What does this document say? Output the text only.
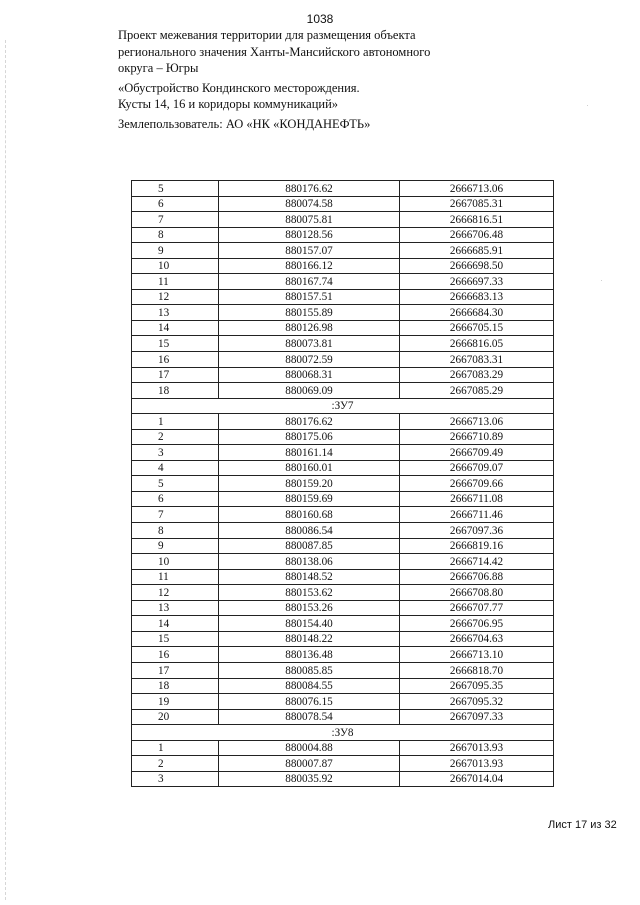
·
·
1038
Проект межевания территории для размещения объекта
регионального значения Ханты-Мансийского автономного
округа – Югры
«Обустройство Кондинского месторождения.
Кусты 14, 16 и коридоры коммуникаций»
Землепользователь: АО «НК «КОНДАНЕФТЬ»
5	880176.62	2666713.06
6	880074.58	2667085.31
7	880075.81	2666816.51
8	880128.56	2666706.48
9	880157.07	2666685.91
10	880166.12	2666698.50
11	880167.74	2666697.33
12	880157.51	2666683.13
13	880155.89	2666684.30
14	880126.98	2666705.15
15	880073.81	2666816.05
16	880072.59	2667083.31
17	880068.31	2667083.29
18	880069.09	2667085.29
:ЗУ7		
1	880176.62	2666713.06
2	880175.06	2666710.89
3	880161.14	2666709.49
4	880160.01	2666709.07
5	880159.20	2666709.66
6	880159.69	2666711.08
7	880160.68	2666711.46
8	880086.54	2667097.36
9	880087.85	2666819.16
10	880138.06	2666714.42
11	880148.52	2666706.88
12	880153.62	2666708.80
13	880153.26	2666707.77
14	880154.40	2666706.95
15	880148.22	2666704.63
16	880136.48	2666713.10
17	880085.85	2666818.70
18	880084.55	2667095.35
19	880076.15	2667095.32
20	880078.54	2667097.33
:ЗУ8		
1	880004.88	2667013.93
2	880007.87	2667013.93
3	880035.92	2667014.04
Лист 17 из 32
